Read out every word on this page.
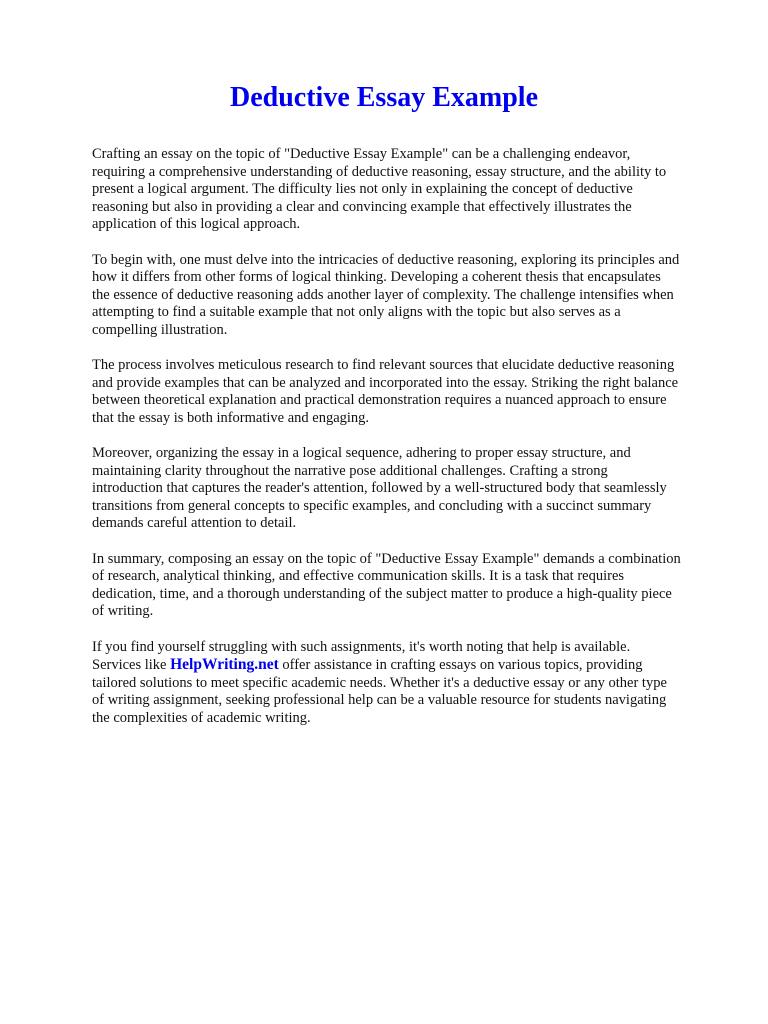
Deductive Essay Example

Crafting an essay on the topic of "Deductive Essay Example" can be a challenging endeavor,
requiring a comprehensive understanding of deductive reasoning, essay structure, and the ability to
present a logical argument. The difficulty lies not only in explaining the concept of deductive
reasoning but also in providing a clear and convincing example that effectively illustrates the
application of this logical approach.

To begin with, one must delve into the intricacies of deductive reasoning, exploring its principles and
how it differs from other forms of logical thinking. Developing a coherent thesis that encapsulates
the essence of deductive reasoning adds another layer of complexity. The challenge intensifies when
attempting to find a suitable example that not only aligns with the topic but also serves as a
compelling illustration.

The process involves meticulous research to find relevant sources that elucidate deductive reasoning
and provide examples that can be analyzed and incorporated into the essay. Striking the right balance
between theoretical explanation and practical demonstration requires a nuanced approach to ensure
that the essay is both informative and engaging.

Moreover, organizing the essay in a logical sequence, adhering to proper essay structure, and
maintaining clarity throughout the narrative pose additional challenges. Crafting a strong
introduction that captures the reader's attention, followed by a well-structured body that seamlessly
transitions from general concepts to specific examples, and concluding with a succinct summary
demands careful attention to detail.

In summary, composing an essay on the topic of "Deductive Essay Example" demands a combination
of research, analytical thinking, and effective communication skills. It is a task that requires
dedication, time, and a thorough understanding of the subject matter to produce a high-quality piece
of writing.

If you find yourself struggling with such assignments, it's worth noting that help is available.
Services like HelpWriting.net offer assistance in crafting essays on various topics, providing
tailored solutions to meet specific academic needs. Whether it's a deductive essay or any other type
of writing assignment, seeking professional help can be a valuable resource for students navigating
the complexities of academic writing.
